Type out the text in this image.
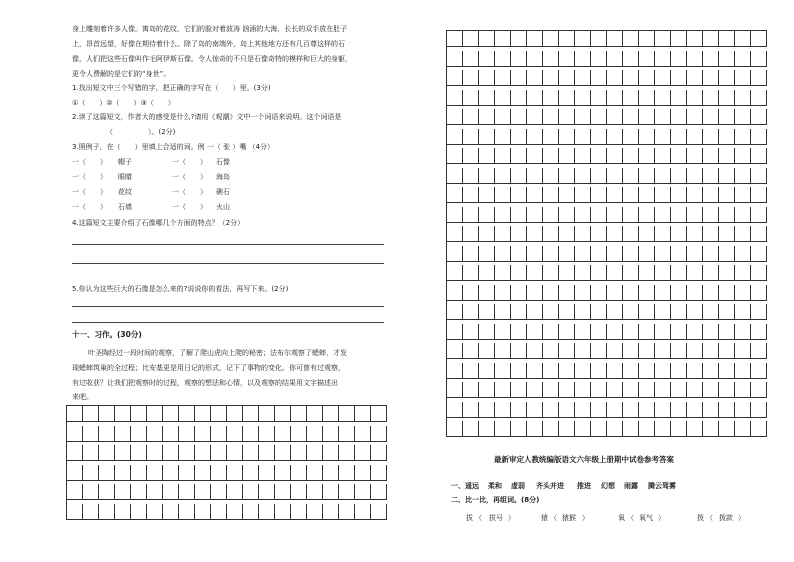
身上雕刻着许多人像。寓岛的花纹，它们的脸对着波涛 汹涌的大海，长长的双手放在肚子
上，昂首远望，好像在期待着什么。除了岛的南端外，岛上其他地方还有几百尊这样的石
像，人们把这些石像叫作毛阿伊斯石像。令人惊奇的不只是石像奇特的模样和巨大的身躯，
更令人费解的是它们的“身世”。
1.找出短文中三个写错的字，把正确的字写在（　　）里。(3分)
①（　　）②（　　）③（　　）
2.读了这篇短文，作者大的感受是什么?请用《观潮》文中一个词语来说明。这个词语是
（　　　　　）。(2分)
3.照例子，在（　　）里填上合适的词。例 一（ 张 ）嘴 （4分）
一（　　） 帽子	一（　　） 石像
一（　　） 眼睛	一（　　） 海岛
一（　　） 花纹	一（　　） 礁石
一（　　） 石墙	一（　　） 火山
4.这篇短文主要介绍了石像哪几个方面的特点？（2分）
5.你认为这些巨大的石像是怎么来的?说说你的看法，再写下来。(2分)
十一、习作。(30分)
叶圣陶经过一段时间的观察，了解了爬山虎向上爬的秘密；法布尔观察了蟋蟀，才发
现蟋蟀筑巢的全过程；比安基更是用日记的形式，记下了事物的变化。你可曾有过观察，
有过收获？让我们把观察时的过程，观察的想法和心情，以及观察的结果用文字描述出
来吧。
最新审定人教统编版语文六年级上册期中试卷参考答案
一、 遥远 柔和 虚弱 齐头并进 推进 幻想 雨露 腾云驾雾
二、比一比，再组词。(8分)
拔 （ 拔号 ）	猿 （ 猿猴 ）	氧 （ 氧气 ）	拨 （ 拨款 ）
